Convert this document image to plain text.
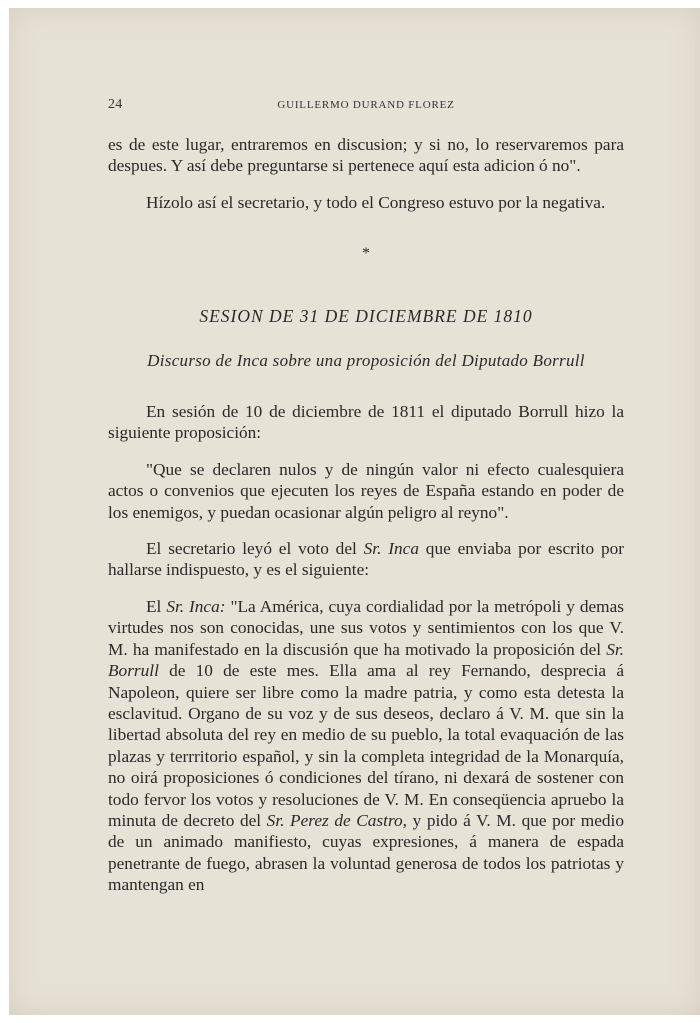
24	GUILLERMO DURAND FLOREZ

es de este lugar, entraremos en discusion; y si no, lo reservaremos para despues. Y así debe preguntarse si pertenece aquí esta adicion ó no".

Hízolo así el secretario, y todo el Congreso estuvo por la negativa.

*

SESION DE 31 DE DICIEMBRE DE 1810

Discurso de Inca sobre una proposición del Diputado Borrull

En sesión de 10 de diciembre de 1811 el diputado Borrull hizo la siguiente proposición:

"Que se declaren nulos y de ningún valor ni efecto cualesquiera actos o convenios que ejecuten los reyes de España estando en poder de los enemigos, y puedan ocasionar algún peligro al reyno".

El secretario leyó el voto del Sr. Inca que enviaba por escrito por hallarse indispuesto, y es el siguiente:

El Sr. Inca: "La América, cuya cordialidad por la metrópoli y demas virtudes nos son conocidas, une sus votos y sentimientos con los que V. M. ha manifestado en la discusión que ha motivado la proposición del Sr. Borrull de 10 de este mes. Ella ama al rey Fernando, desprecia á Napoleon, quiere ser libre como la madre patria, y como esta detesta la esclavitud. Organo de su voz y de sus deseos, declaro á V. M. que sin la libertad absoluta del rey en medio de su pueblo, la total evaquación de las plazas y terrritorio español, y sin la completa integridad de la Monarquía, no oirá proposiciones ó condiciones del tírano, ni dexará de sostener con todo fervor los votos y resoluciones de V. M. En conseqüencia apruebo la minuta de decreto del Sr. Perez de Castro, y pido á V. M. que por medio de un animado manifiesto, cuyas expresiones, á manera de espada penetrante de fuego, abrasen la voluntad generosa de todos los patriotas y mantengan en
